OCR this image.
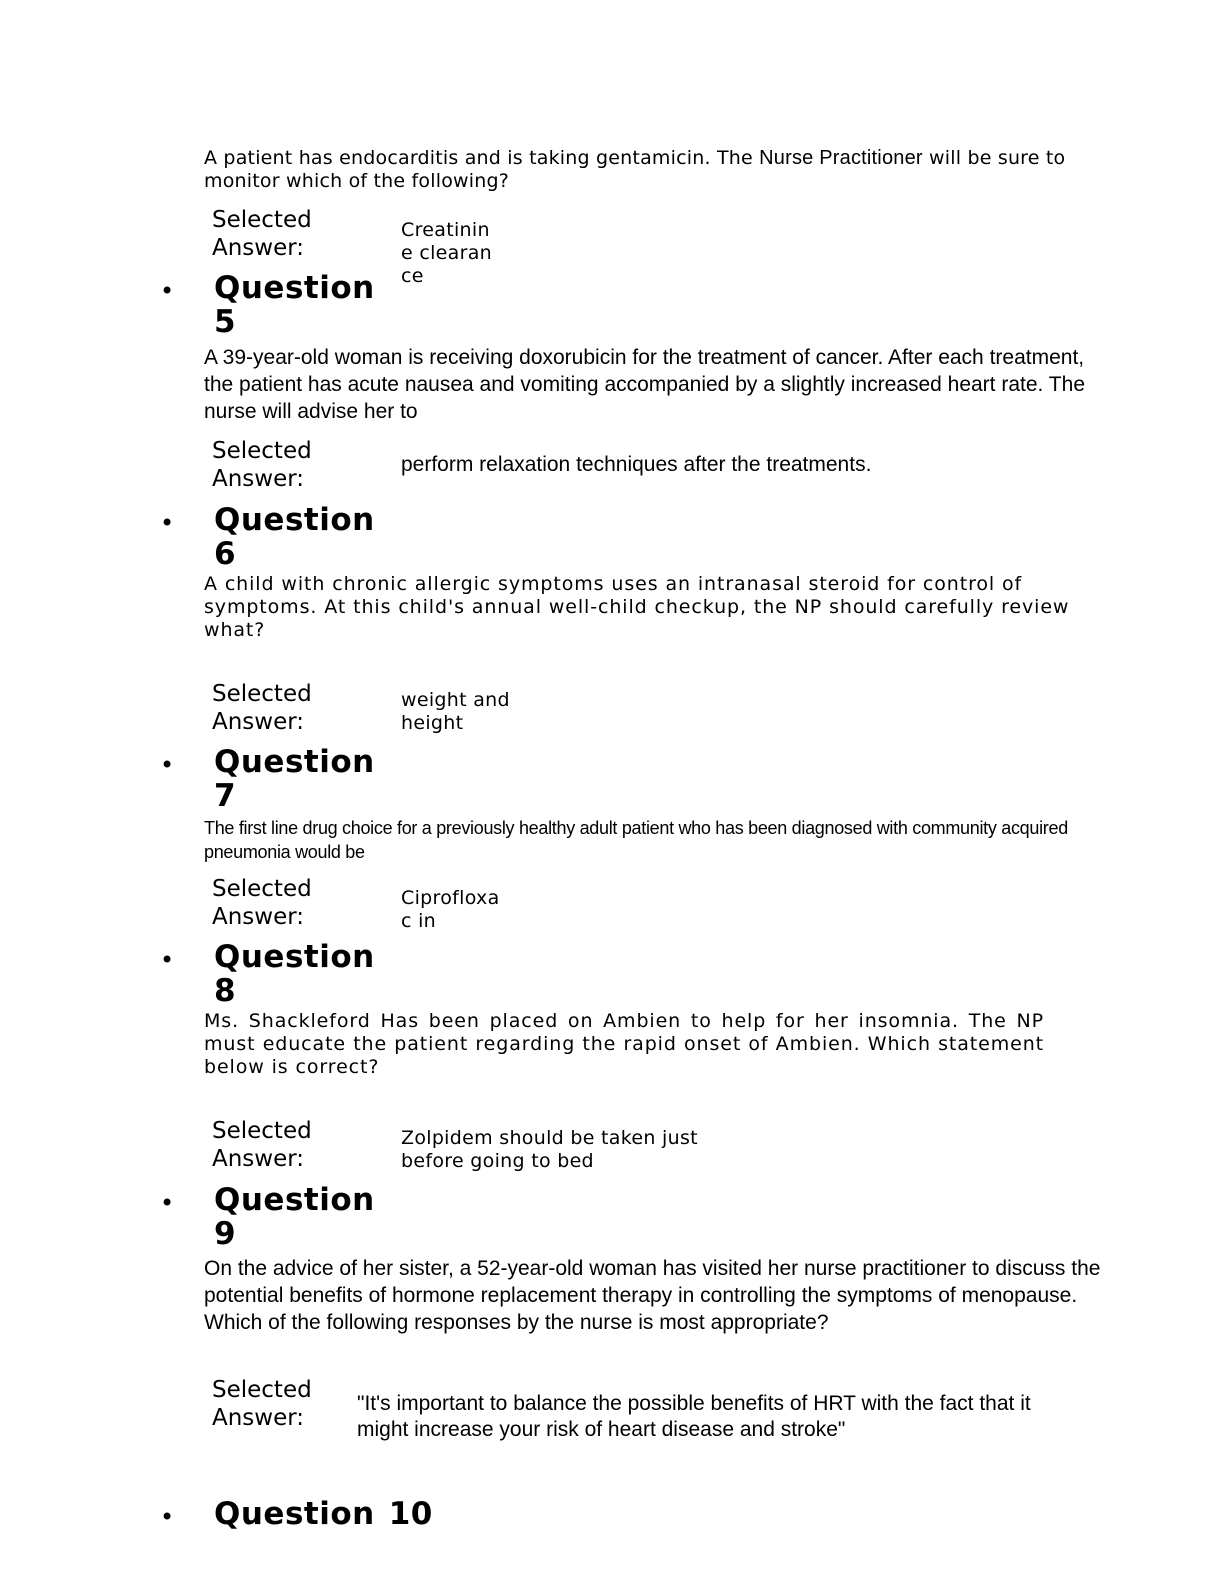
A patient has endocarditis and is taking gentamicin. The Nurse Practitioner will be sure to monitor which of the following?
Selected Answer:
Creatinine clearance
• Question
5
A 39-year-old woman is receiving doxorubicin for the treatment of cancer. After each treatment, the patient has acute nausea and vomiting accompanied by a slightly increased heart rate. The nurse will advise her to
Selected Answer:
perform relaxation techniques after the treatments.
• Question
6
A child with chronic allergic symptoms uses an intranasal steroid for control of symptoms. At this child's annual well-child checkup, the NP should carefully review what?
Selected Answer:
weight and height
• Question
7
The first line drug choice for a previously healthy adult patient who has been diagnosed with community acquired pneumonia would be
Selected Answer:
Ciprofloxa c in
• Question
8
Ms. Shackleford Has been placed on Ambien to help for her insomnia. The NP must educate the patient regarding the rapid onset of Ambien. Which statement below is correct?
Selected Answer:
Zolpidem should be taken just before going to bed
• Question
9
On the advice of her sister, a 52-year-old woman has visited her nurse practitioner to discuss the potential benefits of hormone replacement therapy in controlling the symptoms of menopause. Which of the following responses by the nurse is most appropriate?
Selected Answer:
"It's important to balance the possible benefits of HRT with the fact that it might increase your risk of heart disease and stroke"
• Question 10
